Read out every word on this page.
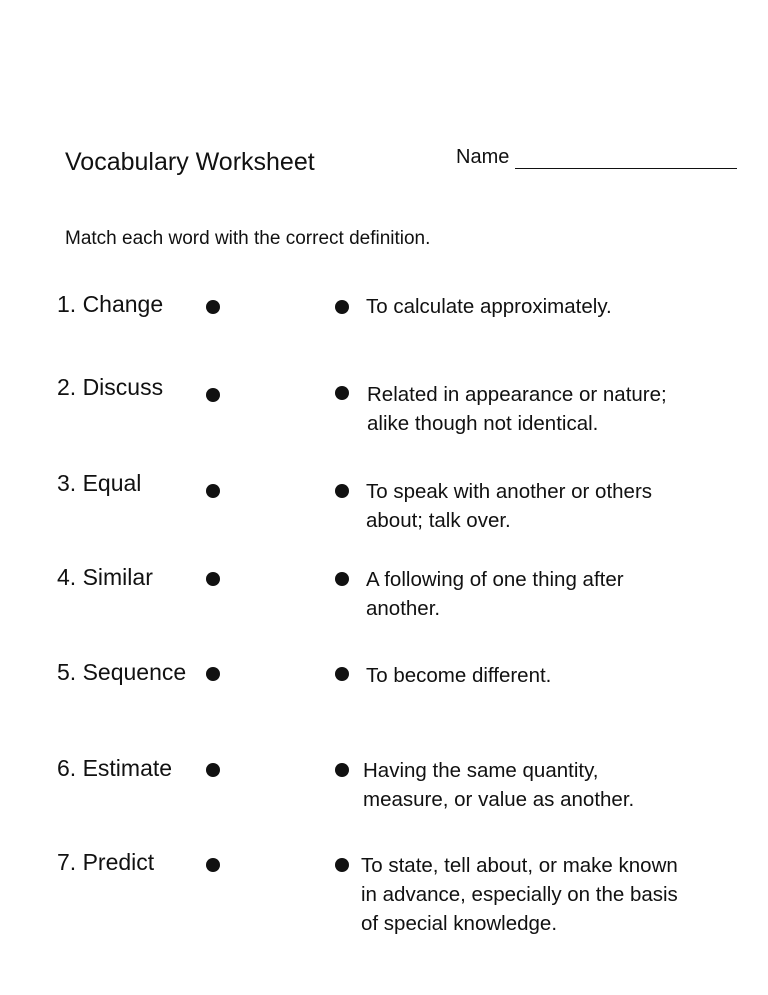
Vocabulary Worksheet	Name
Match each word with the correct definition.
1. Change	To calculate approximately.
2. Discuss	Related in appearance or nature;
alike though not identical.
3. Equal	To speak with another or others
about; talk over.
4. Similar	A following of one thing after
another.
5. Sequence	To become different.
6. Estimate	Having the same quantity,
measure, or value as another.
7. Predict	To state, tell about, or make known
in advance, especially on the basis
of special knowledge.
